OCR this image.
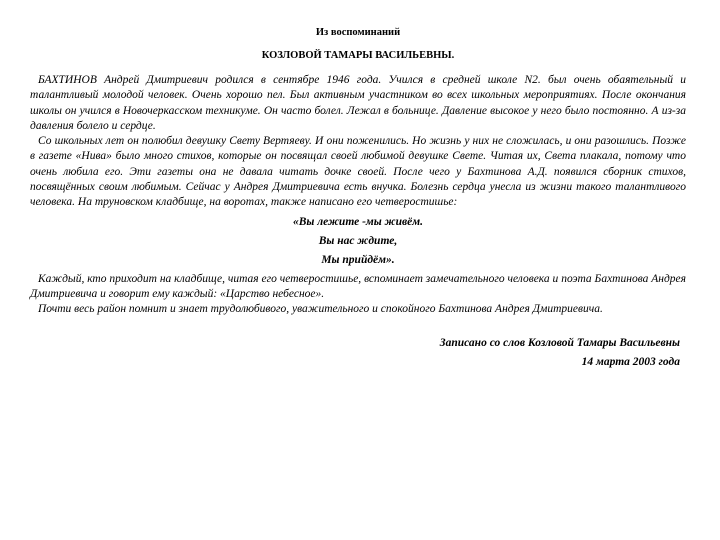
Из воспоминаний

КОЗЛОВОЙ ТАМАРЫ ВАСИЛЬЕВНЫ.

БАХТИНОВ Андрей Дмитриевич родился в сентябре 1946 года. Учился в средней школе N2. был очень обаятельный и талантливый молодой человек. Очень хорошо пел. Был активным участником во всех школьных мероприятиях. После окончания школы он учился в Новочеркасском техникуме. Он часто болел. Лежал в больнице. Давление высокое у него было постоянно. А из-за давления болело и сердце.

Со школьных лет он полюбил девушку Свету Вертяеву. И они поженились. Но жизнь у них не сложилась, и они разошлись. Позже в газете «Нива» было много стихов, которые он посвящал своей любимой девушке Свете. Читая их, Света плакала, потому что очень любила его. Эти газеты она не давала читать дочке своей. После чего у Бахтинова А.Д. появился сборник стихов, посвящённых своим любимым. Сейчас у Андрея Дмитриевича есть внучка. Болезнь сердца унесла из жизни такого талантливого человека. На труновском кладбище, на воротах, также написано его четверостишье:

«Вы лежите -мы живём.
Вы нас ждите,
Мы прийдём».

Каждый, кто приходит на кладбище, читая его четверостишье, вспоминает замечательного человека и поэта Бахтинова Андрея Дмитриевича и говорит ему каждый: «Царство небесное».

Почти весь район помнит и знает трудолюбивого, уважительного и спокойного Бахтинова Андрея Дмитриевича.

Записано со слов Козловой Тамары Васильевны
14 марта 2003 года
